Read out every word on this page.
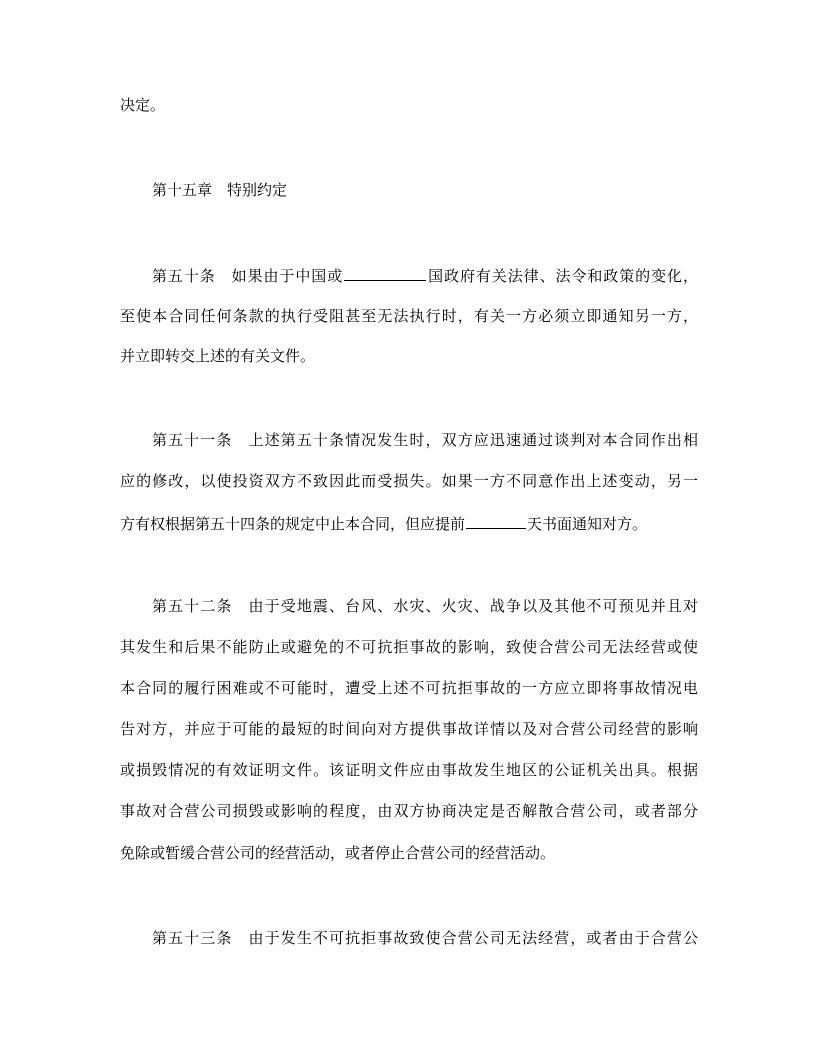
决定。

第十五章 特别约定

第五十条 如果由于中国或	国政府有关法律、法令和政策的变化，

至使本合同任何条款的执行受阻甚至无法执行时，有关一方必须立即通知另一方，

并立即转交上述的有关文件。

第五十一条 上述第五十条情况发生时，双方应迅速通过谈判对本合同作出相

应的修改，以使投资双方不致因此而受损失。如果一方不同意作出上述变动，另一

方有权根据第五十四条的规定中止本合同，但应提前	天书面通知对方。

第五十二条 由于受地震、台风、水灾、火灾、战争以及其他不可预见并且对

其发生和后果不能防止或避免的不可抗拒事故的影响，致使合营公司无法经营或使

本合同的履行困难或不可能时，遭受上述不可抗拒事故的一方应立即将事故情况电

告对方，并应于可能的最短的时间向对方提供事故详情以及对合营公司经营的影响

或损毁情况的有效证明文件。该证明文件应由事故发生地区的公证机关出具。根据

事故对合营公司损毁或影响的程度，由双方协商决定是否解散合营公司，或者部分

免除或暂缓合营公司的经营活动，或者停止合营公司的经营活动。

第五十三条 由于发生不可抗拒事故致使合营公司无法经营，或者由于合营公
